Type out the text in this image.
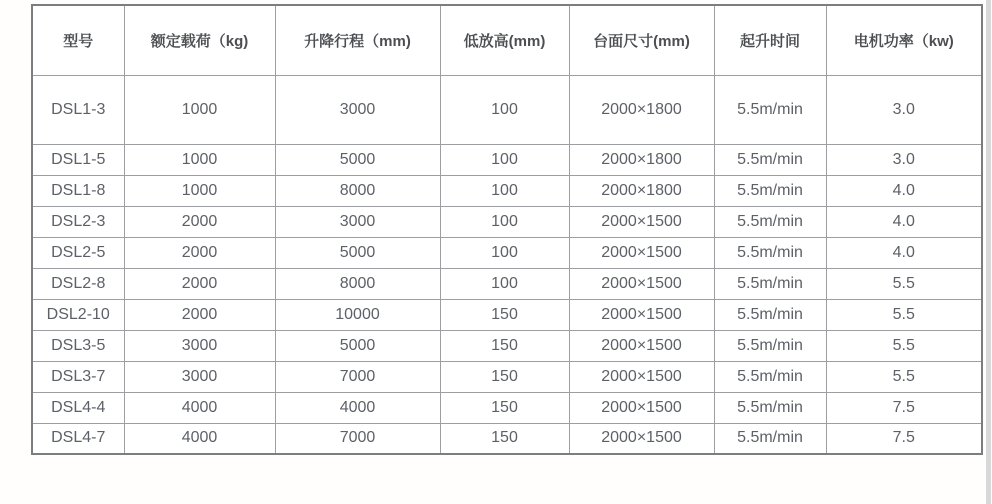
型号	额定载荷（kg)	升降行程（mm)	低放高(mm)	台面尺寸(mm)	起升时间	电机功率（kw)
DSL1-3	1000	3000	100	2000×1800	5.5m/min	3.0
DSL1-5	1000	5000	100	2000×1800	5.5m/min	3.0
DSL1-8	1000	8000	100	2000×1800	5.5m/min	4.0
DSL2-3	2000	3000	100	2000×1500	5.5m/min	4.0
DSL2-5	2000	5000	100	2000×1500	5.5m/min	4.0
DSL2-8	2000	8000	100	2000×1500	5.5m/min	5.5
DSL2-10	2000	10000	150	2000×1500	5.5m/min	5.5
DSL3-5	3000	5000	150	2000×1500	5.5m/min	5.5
DSL3-7	3000	7000	150	2000×1500	5.5m/min	5.5
DSL4-4	4000	4000	150	2000×1500	5.5m/min	7.5
DSL4-7	4000	7000	150	2000×1500	5.5m/min	7.5
